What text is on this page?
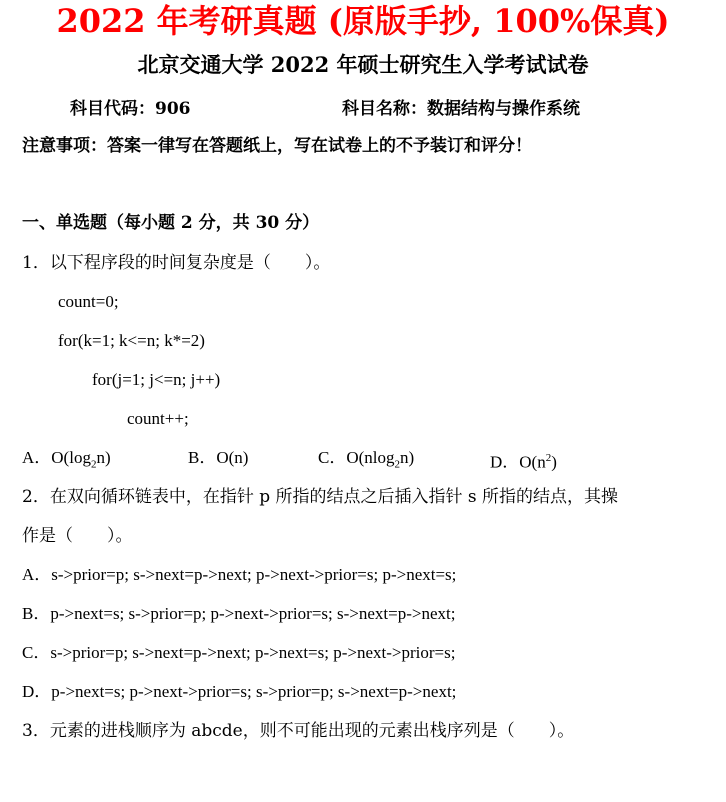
2022 年考研真题 (原版手抄, 100%保真)
北京交通大学 2022 年硕士研究生入学考试试卷
科目代码：906	科目名称：数据结构与操作系统
注意事项：答案一律写在答题纸上，写在试卷上的不予装订和评分！
一、单选题（每小题 2 分，共 30 分）
1．以下程序段的时间复杂度是（　　）。
count=0;
for(k=1; k<=n; k*=2)
for(j=1; j<=n; j++)
count++;
A．$O(\log_2n)$	B．O(n)	C．O(nlog$_2$n)	D．$O(n^2)$
2．在双向循环链表中，在指针 p 所指的结点之后插入指针 s 所指的结点，其操
作是（　　）。
A．s->prior=p; s->next=p->next; p->next->prior=s; p->next=s;
B．p->next=s; s->prior=p; p->next->prior=s; s->next=p->next;
C．s->prior=p; s->next=p->next; p->next=s; p->next->prior=s;
D．p->next=s; p->next->prior=s; s->prior=p; s->next=p->next;
3．元素的进栈顺序为 abcde，则不可能出现的元素出栈序列是（　　）。
